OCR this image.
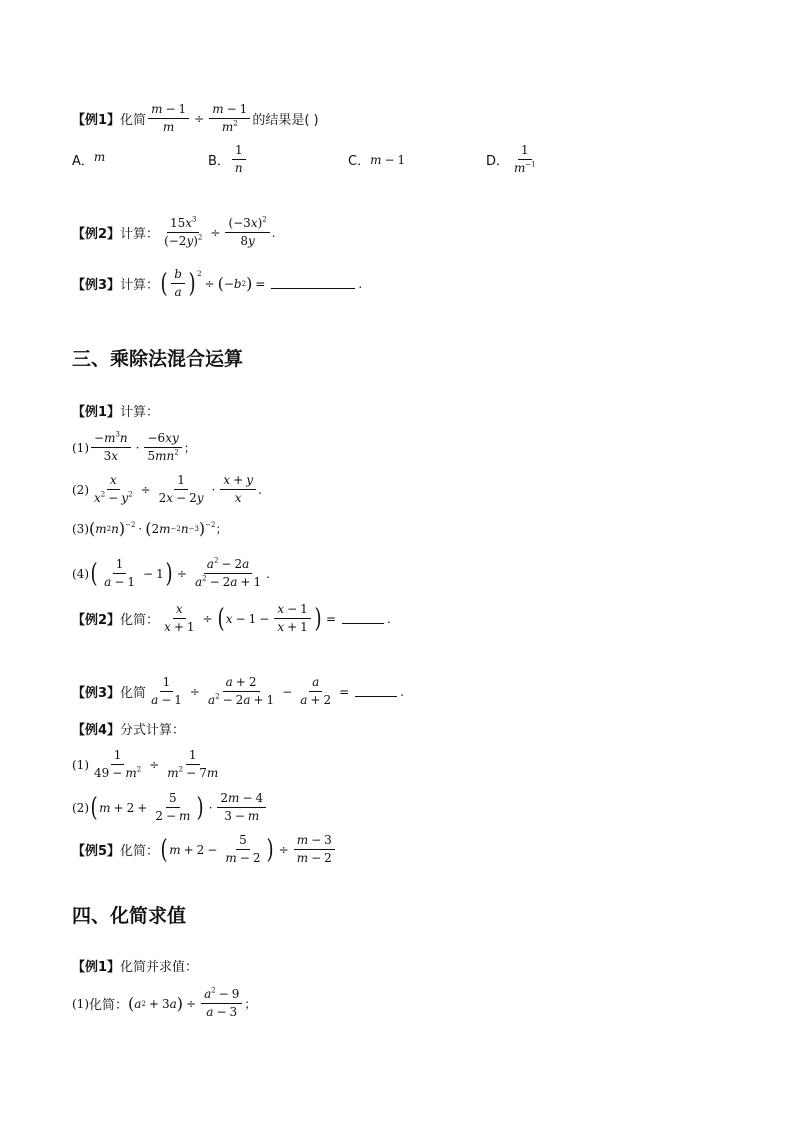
【例1】 化简 $\frac{m - 1}{m} \div \frac{m - 1}{m^2}$ 的结果是( )
A． m	B． $\frac{1}{n}$	C． m − 1	D． $\frac{1}{m^{-1}}$
【例2】 计算： $\frac{15x^3}{(-2y)^2} \div \frac{(-3x)^2}{8y}$ .
【例3】 计算： ( $\frac{b}{a} )^2$
÷ ( − b 2 ) =	.
三、乘除法混合运算
【例1】 计算：
$(1) \frac{-m^3n}{3x} \cdot \frac{-6xy}{5mn^2}$ ；
$(2) \frac{x}{x^2 - y^2} \div \frac{1}{2x - 2y} \cdot \frac{x + y}{x}$ .
(3) ( m 2 n )$^{-2}$ · ( 2 m −2 n −3 )$^{-2}$ ；
(4) ( $\frac{1}{a - 1} - 1$ ) ÷ $\frac{a^2 - 2a}{a^2 - 2a + 1}$ .
【例2】 化简： $\frac{x}{x + 1}$ ÷ ( $x - 1 - \frac{x - 1}{x + 1}$ ) =	.
【例3】 化简 $\frac{1}{a - 1} \div \frac{a + 2}{a^2 - 2a + 1} - \frac{a}{a + 2}$ =	.
【例4】 分式计算：
$(1) \frac{1}{49 - m^2} \div \frac{1}{m^2 - 7m}$
(2) ( $m + 2 + \frac{5}{2 - m}$ ) · $\frac{2m - 4}{3 - m}$
【例5】 化简： ( $m + 2 - \frac{5}{m - 2}$ ) ÷ $\frac{m - 3}{m - 2}$
四、化简求值
【例1】 化简并求值：
(1) 化简： ( a 2 + 3 a ) ÷ $\frac{a^2 - 9}{a - 3}$ ；
